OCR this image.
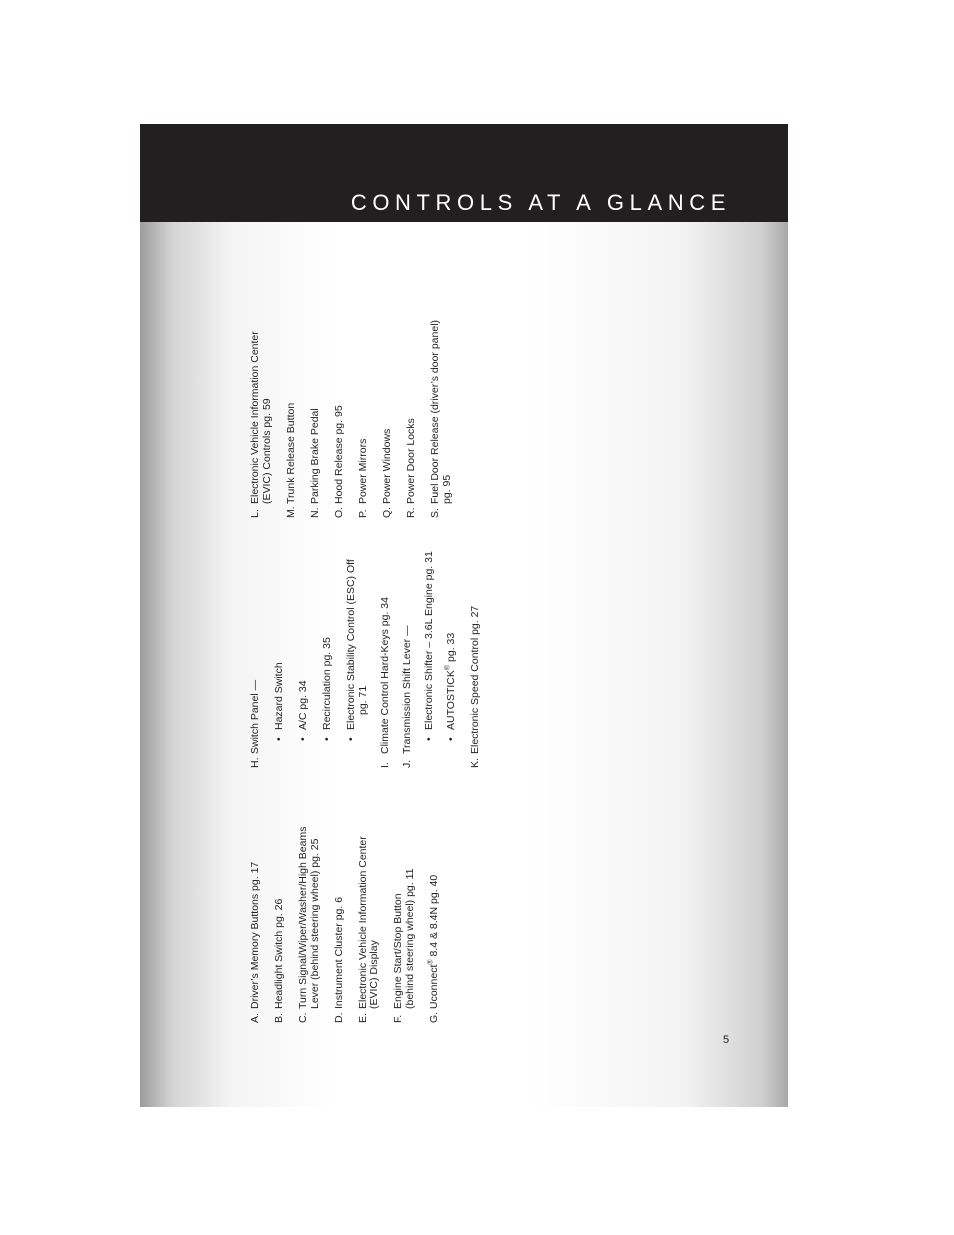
CONTROLS AT A GLANCE
A.
Driver’s Memory Buttons pg. 17
B.
Headlight Switch pg. 26
C.
Turn Signal/Wiper/Washer/High Beams Lever (behind steering wheel) pg. 25
D.
Instrument Cluster pg. 6
E.
Electronic Vehicle Information Center (EVIC) Display
F.
Engine Start/Stop Button (behind steering wheel) pg. 11
G.
Uconnect® 8.4 & 8.4N pg. 40
H.
Switch Panel — •
Hazard Switch
•
A/C pg. 34
•
Recirculation pg. 35
•
Electronic Stability Control (ESC) Off pg. 71
I.
Climate Control Hard-Keys pg. 34
J.
Transmission Shift Lever — •
Electronic Shifter – 3.6L Engine pg. 31
•
AUTOSTICK® pg. 33
K.
Electronic Speed Control pg. 27
L.
Electronic Vehicle Information Center (EVIC) Controls pg. 59
M.
Trunk Release Button
N.
Parking Brake Pedal
O.
Hood Release pg. 95
P.
Power Mirrors
Q.
Power Windows
R.
Power Door Locks
S.
Fuel Door Release (driver’s door panel) pg. 95
5
